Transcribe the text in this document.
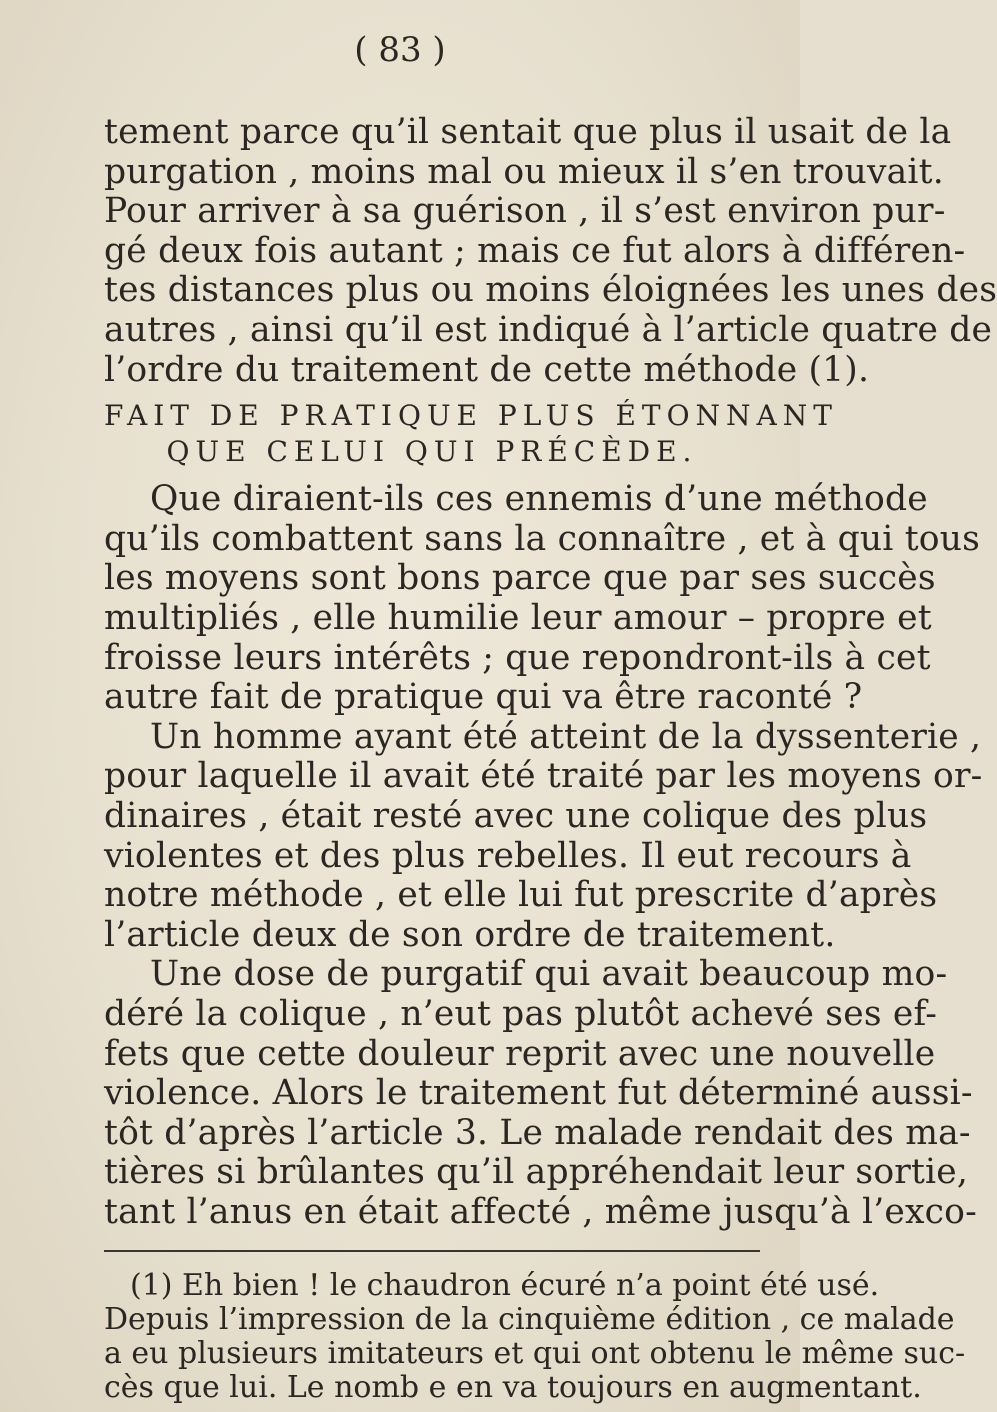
( 83 )
tement parce qu’il sentait que plus il usait de la
purgation , moins mal ou mieux il s’en trouvait.
Pour arriver à sa guérison , il s’est environ pur-
gé deux fois autant ; mais ce fut alors à différen-
tes distances plus ou moins éloignées les unes des
autres , ainsi qu’il est indiqué à l’article quatre de
l’ordre du traitement de cette méthode (1).
FAIT DE PRATIQUE PLUS ÉTONNANT
QUE CELUI QUI PRÉCÈDE.
Que diraient-ils ces ennemis d’une méthode
qu’ils combattent sans la connaître , et à qui tous
les moyens sont bons parce que par ses succès
multipliés , elle humilie leur amour – propre et
froisse leurs intérêts ; que repondront-ils à cet
autre fait de pratique qui va être raconté ?
Un homme ayant été atteint de la dyssenterie ,
pour laquelle il avait été traité par les moyens or-
dinaires , était resté avec une colique des plus
violentes et des plus rebelles. Il eut recours à
notre méthode , et elle lui fut prescrite d’après
l’article deux de son ordre de traitement.
Une dose de purgatif qui avait beaucoup mo-
déré la colique , n’eut pas plutôt achevé ses ef-
fets que cette douleur reprit avec une nouvelle
violence. Alors le traitement fut déterminé aussi-
tôt d’après l’article 3. Le malade rendait des ma-
tières si brûlantes qu’il appréhendait leur sortie,
tant l’anus en était affecté , même jusqu’à l’exco-
(1) Eh bien ! le chaudron écuré n’a point été usé.
Depuis l’impression de la cinquième édition , ce malade
a eu plusieurs imitateurs et qui ont obtenu le même suc-
cès que lui. Le nomb e en va toujours en augmentant.
